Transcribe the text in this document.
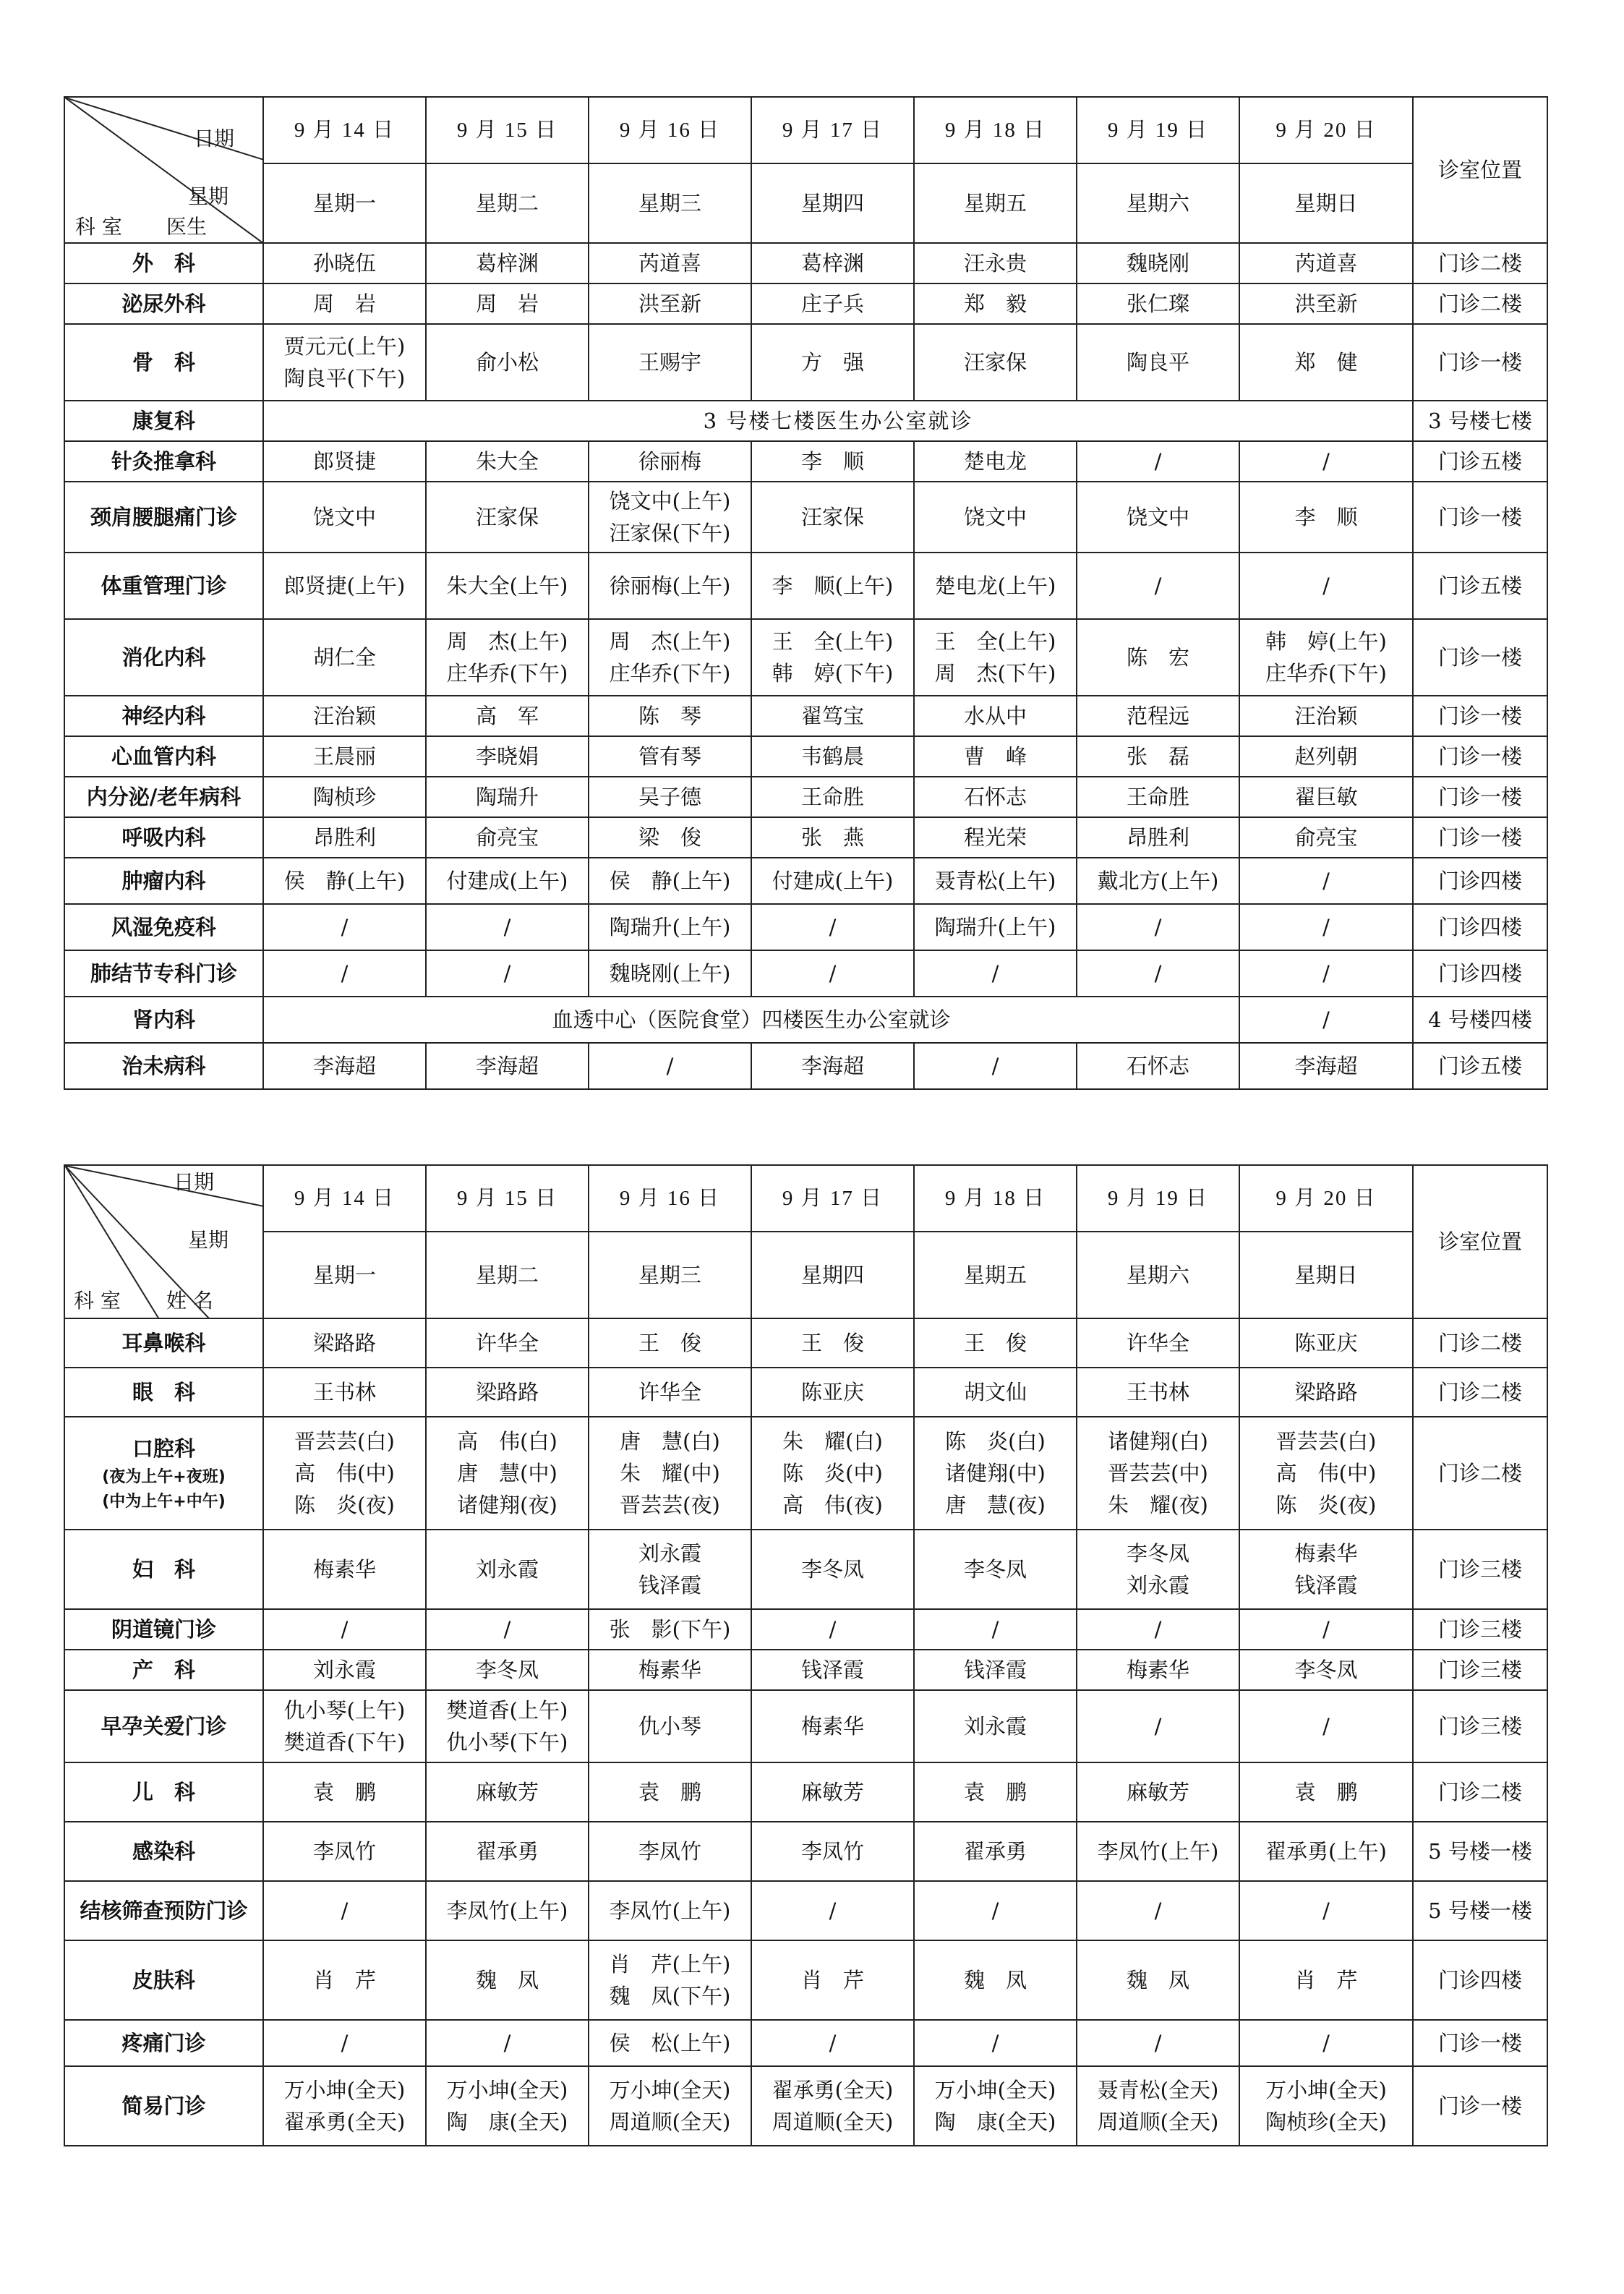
日期
星期
科 室 医生	9 月 14 日	9 月 15 日	9 月 16 日	9 月 17 日	9 月 18 日	9 月 19 日	9 月 20 日	诊室位置
	星期一	星期二	星期三	星期四	星期五	星期六	星期日	

外　科	孙晓伍	葛梓渊	芮道喜	葛梓渊	汪永贵	魏晓刚	芮道喜	门诊二楼

泌尿外科	周　岩	周　岩	洪至新	庄子兵	郑　毅	张仁璨	洪至新	门诊二楼

骨　科	贾元元(上午)
陶良平(下午)	俞小松	王赐宇	方　强	汪家保	陶良平	郑　健	门诊一楼

康复科	3 号楼七楼医生办公室就诊							3 号楼七楼

针灸推拿科	郎贤捷	朱大全	徐丽梅	李　顺	楚电龙	/	/	门诊五楼

颈肩腰腿痛门诊	饶文中	汪家保	饶文中(上午)
汪家保(下午)	汪家保	饶文中	饶文中	李　顺	门诊一楼

体重管理门诊	郎贤捷(上午)	朱大全(上午)	徐丽梅(上午)	李　顺(上午)	楚电龙(上午)	/	/	门诊五楼

消化内科	胡仁全	周　杰(上午)
庄华乔(下午)	周　杰(上午)
庄华乔(下午)	王　全(上午)
韩　婷(下午)	王　全(上午)
周　杰(下午)	陈　宏	韩　婷(上午)
庄华乔(下午)	门诊一楼

神经内科	汪治颖	高　军	陈　琴	翟笃宝	水从中	范程远	汪治颖	门诊一楼

心血管内科	王晨丽	李晓娟	管有琴	韦鹤晨	曹　峰	张　磊	赵列朝	门诊一楼

内分泌/老年病科	陶桢珍	陶瑞升	吴子德	王命胜	石怀志	王命胜	翟巨敏	门诊一楼

呼吸内科	昂胜利	俞亮宝	梁　俊	张　燕	程光荣	昂胜利	俞亮宝	门诊一楼

肿瘤内科	侯　静(上午)	付建成(上午)	侯　静(上午)	付建成(上午)	聂青松(上午)	戴北方(上午)	/	门诊四楼

风湿免疫科	/	/	陶瑞升(上午)	/	陶瑞升(上午)	/	/	门诊四楼

肺结节专科门诊	/	/	魏晓刚(上午)	/	/	/	/	门诊四楼

肾内科	血透中心（医院食堂）四楼医生办公室就诊						/	4 号楼四楼

治未病科	李海超	李海超	/	李海超	/	石怀志	李海超	门诊五楼
日期
星期
科 室 姓 名	9 月 14 日	9 月 15 日	9 月 16 日	9 月 17 日	9 月 18 日	9 月 19 日	9 月 20 日	诊室位置
	星期一	星期二	星期三	星期四	星期五	星期六	星期日	

耳鼻喉科	梁路路	许华全	王　俊	王　俊	王　俊	许华全	陈亚庆	门诊二楼

眼　科	王书林	梁路路	许华全	陈亚庆	胡文仙	王书林	梁路路	门诊二楼

口腔科
(夜为上午+夜班)
(中为上午+中午)	晋芸芸(白)
高　伟(中)
陈　炎(夜)	高　伟(白)
唐　慧(中)
诸健翔(夜)	唐　慧(白)
朱　耀(中)
晋芸芸(夜)	朱　耀(白)
陈　炎(中)
高　伟(夜)	陈　炎(白)
诸健翔(中)
唐　慧(夜)	诸健翔(白)
晋芸芸(中)
朱　耀(夜)	晋芸芸(白)
高　伟(中)
陈　炎(夜)	门诊二楼

妇　科	梅素华	刘永霞	刘永霞
钱泽霞	李冬凤	李冬凤	李冬凤
刘永霞	梅素华
钱泽霞	门诊三楼

阴道镜门诊	/	/	张　影(下午)	/	/	/	/	门诊三楼

产　科	刘永霞	李冬凤	梅素华	钱泽霞	钱泽霞	梅素华	李冬凤	门诊三楼

早孕关爱门诊	仇小琴(上午)
樊道香(下午)	樊道香(上午)
仇小琴(下午)	仇小琴	梅素华	刘永霞	/	/	门诊三楼

儿　科	袁　鹏	麻敏芳	袁　鹏	麻敏芳	袁　鹏	麻敏芳	袁　鹏	门诊二楼

感染科	李凤竹	翟承勇	李凤竹	李凤竹	翟承勇	李凤竹(上午)	翟承勇(上午)	5 号楼一楼

结核筛查预防门诊	/	李凤竹(上午)	李凤竹(上午)	/	/	/	/	5 号楼一楼

皮肤科	肖　芹	魏　凤	肖　芹(上午)
魏　凤(下午)	肖　芹	魏　凤	魏　凤	肖　芹	门诊四楼

疼痛门诊	/	/	侯　松(上午)	/	/	/	/	门诊一楼

简易门诊	万小坤(全天)
翟承勇(全天)	万小坤(全天)
陶　康(全天)	万小坤(全天)
周道顺(全天)	翟承勇(全天)
周道顺(全天)	万小坤(全天)
陶　康(全天)	聂青松(全天)
周道顺(全天)	万小坤(全天)
陶桢珍(全天)	门诊一楼
